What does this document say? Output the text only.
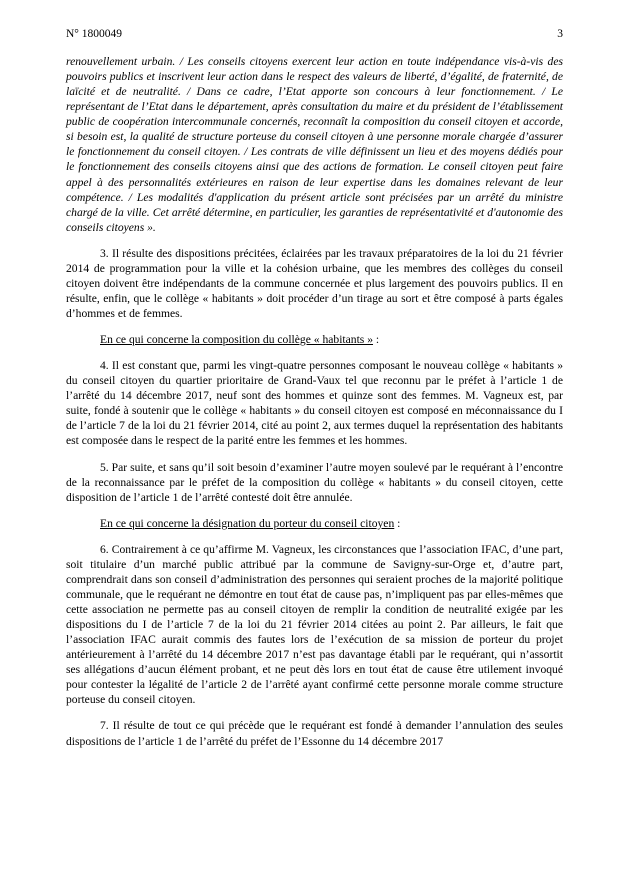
N° 1800049	3

renouvellement urbain. / Les conseils citoyens exercent leur action en toute indépendance vis-à-vis des pouvoirs publics et inscrivent leur action dans le respect des valeurs de liberté, d’égalité, de fraternité, de laïcité et de neutralité. / Dans ce cadre, l’Etat apporte son concours à leur fonctionnement. / Le représentant de l’Etat dans le département, après consultation du maire et du président de l’établissement public de coopération intercommunale concernés, reconnaît la composition du conseil citoyen et accorde, si besoin est, la qualité de structure porteuse du conseil citoyen à une personne morale chargée d’assurer le fonctionnement du conseil citoyen. / Les contrats de ville définissent un lieu et des moyens dédiés pour le fonctionnement des conseils citoyens ainsi que des actions de formation. Le conseil citoyen peut faire appel à des personnalités extérieures en raison de leur expertise dans les domaines relevant de leur compétence. / Les modalités d'application du présent article sont précisées par un arrêté du ministre chargé de la ville. Cet arrêté détermine, en particulier, les garanties de représentativité et d'autonomie des conseils citoyens ».

3. Il résulte des dispositions précitées, éclairées par les travaux préparatoires de la loi du 21 février 2014 de programmation pour la ville et la cohésion urbaine, que les membres des collèges du conseil citoyen doivent être indépendants de la commune concernée et plus largement des pouvoirs publics. Il en résulte, enfin, que le collège « habitants » doit procéder d’un tirage au sort et être composé à parts égales d’hommes et de femmes.

En ce qui concerne la composition du collège « habitants » :

4. Il est constant que, parmi les vingt-quatre personnes composant le nouveau collège « habitants » du conseil citoyen du quartier prioritaire de Grand-Vaux tel que reconnu par le préfet à l’article 1 de l’arrêté du 14 décembre 2017, neuf sont des hommes et quinze sont des femmes. M. Vagneux est, par suite, fondé à soutenir que le collège « habitants » du conseil citoyen est composé en méconnaissance du I de l’article 7 de la loi du 21 février 2014, cité au point 2, aux termes duquel la représentation des habitants est composée dans le respect de la parité entre les femmes et les hommes.

5. Par suite, et sans qu’il soit besoin d’examiner l’autre moyen soulevé par le requérant à l’encontre de la reconnaissance par le préfet de la composition du collège « habitants » du conseil citoyen, cette disposition de l’article 1 de l’arrêté contesté doit être annulée.

En ce qui concerne la désignation du porteur du conseil citoyen :

6. Contrairement à ce qu’affirme M. Vagneux, les circonstances que l’association IFAC, d’une part, soit titulaire d’un marché public attribué par la commune de Savigny-sur-Orge et, d’autre part, comprendrait dans son conseil d’administration des personnes qui seraient proches de la majorité politique communale, que le requérant ne démontre en tout état de cause pas, n’impliquent pas par elles-mêmes que cette association ne permette pas au conseil citoyen de remplir la condition de neutralité exigée par les dispositions du I de l’article 7 de la loi du 21 février 2014 citées au point 2. Par ailleurs, le fait que l’association IFAC aurait commis des fautes lors de l’exécution de sa mission de porteur du projet antérieurement à l’arrêté du 14 décembre 2017 n’est pas davantage établi par le requérant, qui n’assortit ses allégations d’aucun élément probant, et ne peut dès lors en tout état de cause être utilement invoqué pour contester la légalité de l’article 2 de l’arrêté ayant confirmé cette personne morale comme structure porteuse du conseil citoyen.

7. Il résulte de tout ce qui précède que le requérant est fondé à demander l’annulation des seules dispositions de l’article 1 de l’arrêté du préfet de l’Essonne du 14 décembre 2017
